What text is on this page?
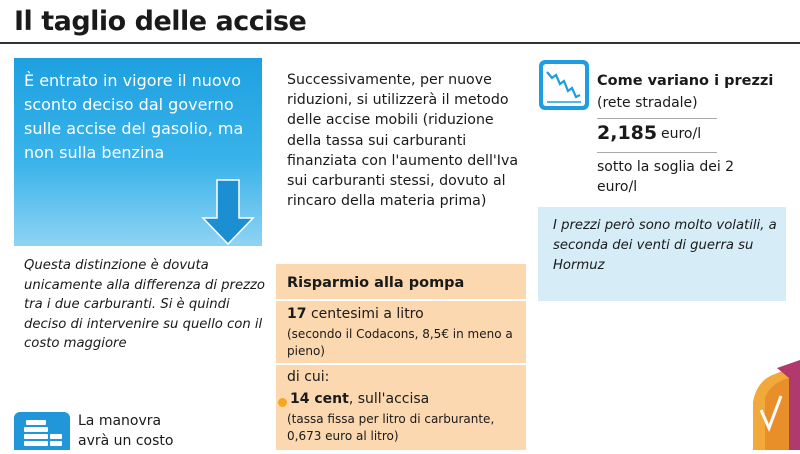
Il taglio delle accise
È entrato in vigore il nuovo sconto deciso dal governo sulle accise del gasolio, ma non sulla benzina
Questa distinzione è dovuta unicamente alla differenza di prezzo tra i due carburanti. Si è quindi deciso di intervenire su quello con il costo maggiore
La manovra
avrà un costo
Successivamente, per nuove riduzioni, si utilizzerà il metodo delle accise mobili (riduzione della tassa sui carburanti finanziata con l'aumento dell'Iva sui carburanti stessi, dovuto al rincaro della materia prima)
Risparmio alla pompa
17 centesimi a litro
(secondo il Codacons, 8,5€ in meno a pieno)
di cui:
14 cent, sull'accisa
(tassa fissa per litro di carburante, 0,673 euro al litro)
Come variano i prezzi
(rete stradale)
2,185 euro/l
sotto la soglia dei 2 euro/l
I prezzi però sono molto volatili, a seconda dei venti di guerra su Hormuz
